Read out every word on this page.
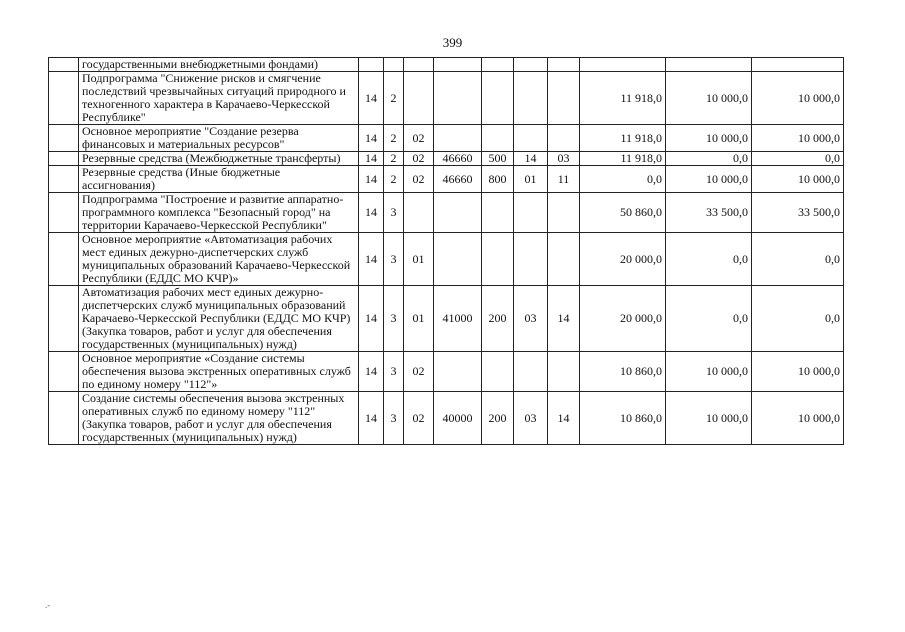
399
	государственными внебюджетными фондами)										
	Подпрограмма "Снижение рисков и смягчение последствий чрезвычайных ситуаций природного и техногенного характера в Карачаево-Черкесской Республике"	14	2						11 918,0	10 000,0	10 000,0
	Основное мероприятие "Создание резерва финансовых и материальных ресурсов"	14	2	02					11 918,0	10 000,0	10 000,0
	Резервные средства (Межбюджетные трансферты)	14	2	02	46660	500	14	03	11 918,0	0,0	0,0
	Резервные средства (Иные бюджетные ассигнования)	14	2	02	46660	800	01	11	0,0	10 000,0	10 000,0
	Подпрограмма "Построение и развитие аппаратно-программного комплекса "Безопасный город" на территории Карачаево-Черкесской Республики"	14	3						50 860,0	33 500,0	33 500,0
	Основное мероприятие «Автоматизация рабочих мест единых дежурно-диспетчерских служб муниципальных образований Карачаево-Черкесской Республики (ЕДДС МО КЧР)»	14	3	01					20 000,0	0,0	0,0
	Автоматизация рабочих мест единых дежурно-диспетчерских служб муниципальных образований Карачаево-Черкесской Республики (ЕДДС МО КЧР) (Закупка товаров, работ и услуг для обеспечения государственных (муниципальных) нужд)	14	3	01	41000	200	03	14	20 000,0	0,0	0,0
	Основное мероприятие «Создание системы обеспечения вызова экстренных оперативных служб по единому номеру "112"»	14	3	02					10 860,0	10 000,0	10 000,0
	Создание системы обеспечения вызова экстренных оперативных служб по единому номеру "112" (Закупка товаров, работ и услуг для обеспечения государственных (муниципальных) нужд)	14	3	02	40000	200	03	14	10 860,0	10 000,0	10 000,0
.-
